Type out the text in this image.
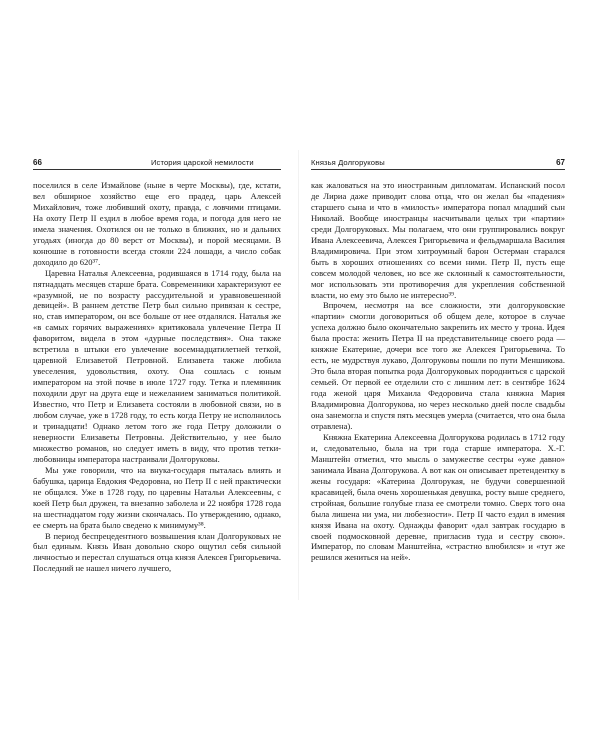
66	История царской немилости

поселился в селе Измайлове (ныне в черте Москвы), где, кстати, вел обширное хозяйство еще его прадед, царь Алексей Михайлович, тоже любивший охоту, правда, с ловчими птицами. На охоту Петр II ездил в любое время года, и погода для него не имела значения. Охотился он не только в ближних, но и дальних угодьях (иногда до 80 верст от Москвы), и порой месяцами. В конюшне в готовности всегда стояли 224 лошади, а число собак доходило до 620³⁷.

Царевна Наталья Алексеевна, родившаяся в 1714 году, была на пятнадцать месяцев старше брата. Современники характеризуют ее «разумной, не по возрасту рассудительной и уравновешенной девицей». В раннем детстве Петр был сильно привязан к сестре, но, став императором, он все больше от нее отдалялся. Наталья же «в самых горячих выражениях» критиковала увлечение Петра II фаворитом, видела в этом «дурные последствия». Она также встретила в штыки его увлечение восемнадцатилетней теткой, царевной Елизаветой Петровной. Елизавета также любила увеселения, удовольствия, охоту. Она сошлась с юным императором на этой почве в июле 1727 году. Тетка и племянник походили друг на друга еще и нежеланием заниматься политикой. Известно, что Петр и Елизавета состояли в любовной связи, но в любом случае, уже в 1728 году, то есть когда Петру не исполнилось и тринадцати! Однако летом того же года Петру доложили о неверности Елизаветы Петровны. Действительно, у нее было множество романов, но следует иметь в виду, что против тетки-любовницы императора настраивали Долгоруковы.

Мы уже говорили, что на внука-государя пыталась влиять и бабушка, царица Евдокия Федоровна, но Петр II с ней практически не общался. Уже в 1728 году, по царевны Натальи Алексеевны, с коей Петр был дружен, та внезапно заболела и 22 ноября 1728 года на шестнадцатом году жизни скончалась. По утверждению, однако, ее смерть на брата было сведено к минимуму³⁸.

В период беспрецедентного возвышения клан Долгоруковых не был единым. Князь Иван довольно скоро ощутил себя сильной личностью и перестал слушаться отца князя Алексея Григорьевича. Последний не нашел ничего лучшего,

Князья Долгоруковы	67

как жаловаться на это иностранным дипломатам. Испанский посол де Лириа даже приводит слова отца, что он желал бы «падения» старшего сына и что в «милость» императора попал младший сын Николай. Вообще иностранцы насчитывали целых три «партии» среди Долгоруковых. Мы полагаем, что они группировались вокруг Ивана Алексеевича, Алексея Григорьевича и фельдмаршала Василия Владимировича. При этом хитроумный барон Остерман старался быть в хороших отношениях со всеми ними. Петр II, пусть еще совсем молодой человек, но все же склонный к самостоятельности, мог использовать эти противоречия для укрепления собственной власти, но ему это было не интересно³⁹.

Впрочем, несмотря на все сложности, эти долгоруковские «партии» смогли договориться об общем деле, которое в случае успеха должно было окончательно закрепить их место у трона. Идея была проста: женить Петра II на представительнице своего рода — княжне Екатерине, дочери все того же Алексея Григорьевича. То есть, не мудрствуя лукаво, Долгоруковы пошли по пути Меншикова. Это была вторая попытка рода Долгоруковых породниться с царской семьей. От первой ее отделили сто с лишним лет: в сентябре 1624 года женой царя Михаила Федоровича стала княжна Мария Владимировна Долгорукова, но через несколько дней после свадьбы она занемогла и спустя пять месяцев умерла (считается, что она была отравлена).

Княжна Екатерина Алексеевна Долгорукова родилась в 1712 году и, следовательно, была на три года старше императора. Х.-Г. Манштейн отметил, что мысль о замужестве сестры «уже давно» занимала Ивана Долгорукова. А вот как он описывает претендентку в жены государя: «Катерина Долгорукая, не будучи совершенной красавицей, была очень хорошенькая девушка, росту выше среднего, стройная, большие голубые глаза ее смотрели томно. Сверх того она была лишена ни ума, ни любезности». Петр II часто ездил в имения князя Ивана на охоту. Однажды фаворит «дал завтрак государю в своей подмосковной деревне, пригласив туда и сестру свою». Император, по словам Манштейна, «страстно влюбился» и «тут же решился жениться на ней».
